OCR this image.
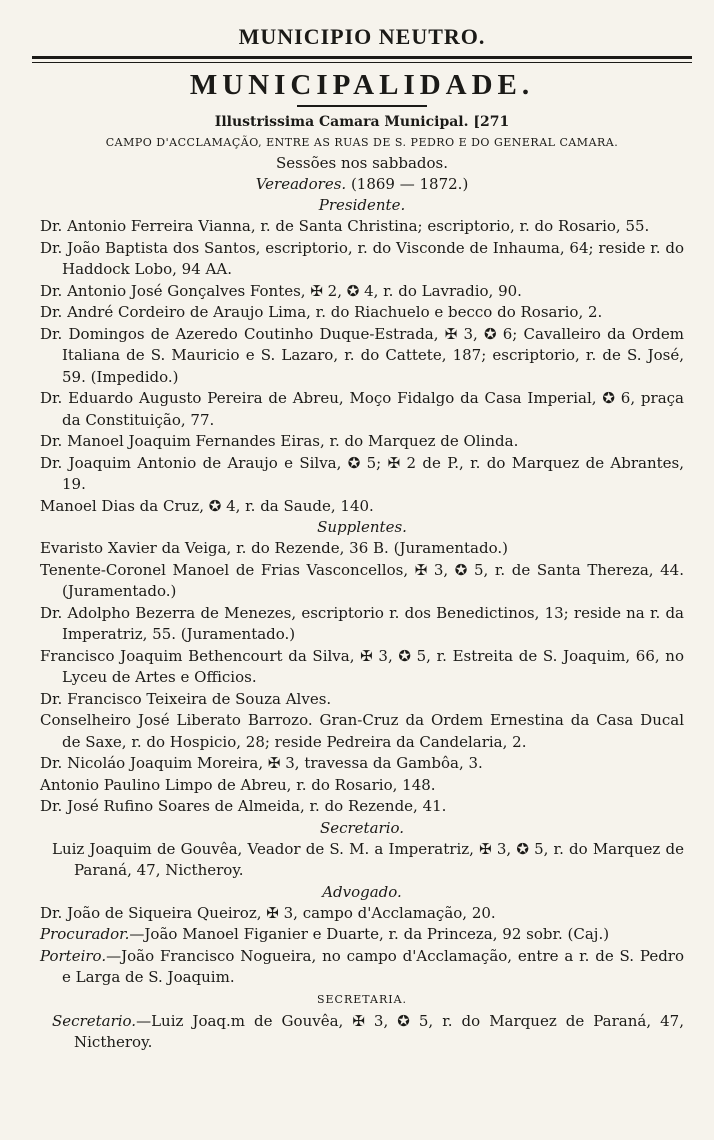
MUNICIPIO NEUTRO.
MUNICIPALIDADE.
Illustrissima Camara Municipal. [271
CAMPO D'ACCLAMAÇÃO, ENTRE AS RUAS DE S. PEDRO E DO GENERAL CAMARA.
Sessões nos sabbados.
Vereadores. (1869 — 1872.)
Presidente.

Dr. Antonio Ferreira Vianna, r. de Santa Christina; escriptorio, r. do Rosario, 55.

Dr. João Baptista dos Santos, escriptorio, r. do Visconde de Inhauma, 64; reside r. do Haddock Lobo, 94 AA.

Dr. Antonio José Gonçalves Fontes, ✠ 2, ✪ 4, r. do Lavradio, 90.

Dr. André Cordeiro de Araujo Lima, r. do Riachuelo e becco do Rosario, 2.

Dr. Domingos de Azeredo Coutinho Duque-Estrada, ✠ 3, ✪ 6; Cavalleiro da Ordem Italiana de S. Mauricio e S. Lazaro, r. do Cattete, 187; escriptorio, r. de S. José, 59. (Impedido.)

Dr. Eduardo Augusto Pereira de Abreu, Moço Fidalgo da Casa Imperial, ✪ 6, praça da Constituição, 77.

Dr. Manoel Joaquim Fernandes Eiras, r. do Marquez de Olinda.

Dr. Joaquim Antonio de Araujo e Silva, ✪ 5; ✠ 2 de P., r. do Marquez de Abrantes, 19.

Manoel Dias da Cruz, ✪ 4, r. da Saude, 140.

Supplentes.

Evaristo Xavier da Veiga, r. do Rezende, 36 B. (Juramentado.)

Tenente-Coronel Manoel de Frias Vasconcellos, ✠ 3, ✪ 5, r. de Santa Thereza, 44. (Juramentado.)

Dr. Adolpho Bezerra de Menezes, escriptorio r. dos Benedictinos, 13; reside na r. da Imperatriz, 55. (Juramentado.)

Francisco Joaquim Bethencourt da Silva, ✠ 3, ✪ 5, r. Estreita de S. Joaquim, 66, no Lyceu de Artes e Officios.

Dr. Francisco Teixeira de Souza Alves.

Conselheiro José Liberato Barrozo. Gran-Cruz da Ordem Ernestina da Casa Ducal de Saxe, r. do Hospicio, 28; reside Pedreira da Candelaria, 2.

Dr. Nicoláo Joaquim Moreira, ✠ 3, travessa da Gambôa, 3.

Antonio Paulino Limpo de Abreu, r. do Rosario, 148.

Dr. José Rufino Soares de Almeida, r. do Rezende, 41.

Secretario.

Luiz Joaquim de Gouvêa, Veador de S. M. a Imperatriz, ✠ 3, ✪ 5, r. do Marquez de Paraná, 47, Nictheroy.

Advogado.

Dr. João de Siqueira Queiroz, ✠ 3, campo d'Acclamação, 20.

Procurador.—João Manoel Figanier e Duarte, r. da Princeza, 92 sobr. (Caj.)

Porteiro.—João Francisco Nogueira, no campo d'Acclamação, entre a r. de S. Pedro e Larga de S. Joaquim.

SECRETARIA.

Secretario.—Luiz Joaq.m de Gouvêa, ✠ 3, ✪ 5, r. do Marquez de Paraná, 47, Nictheroy.
